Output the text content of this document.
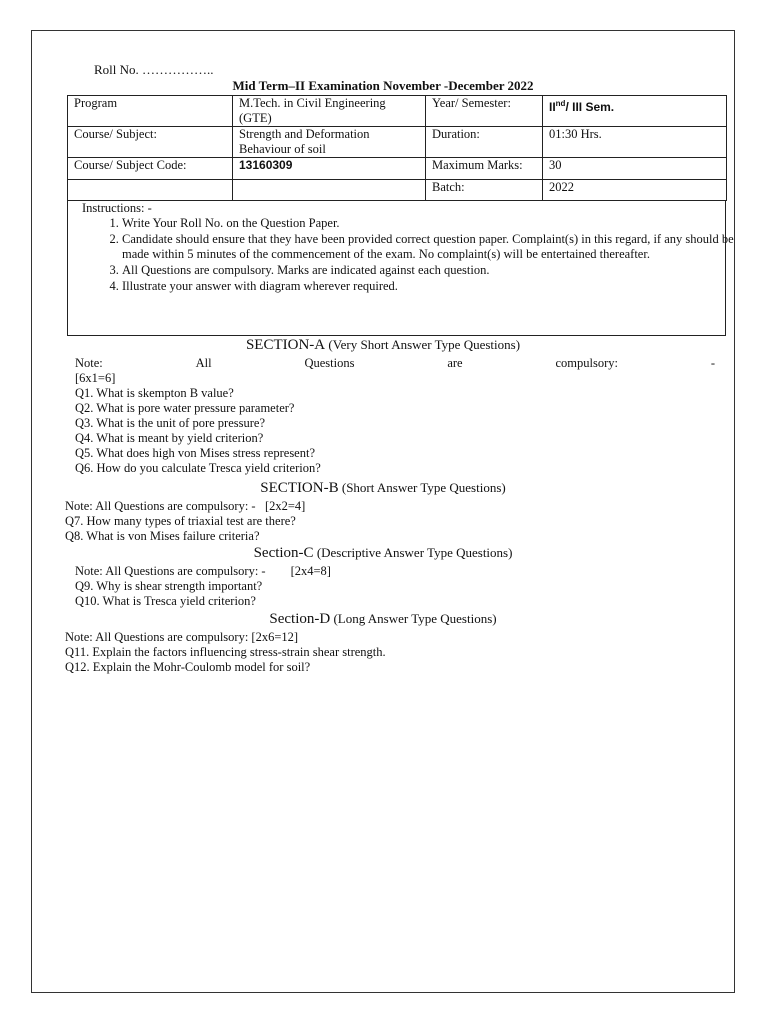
Roll No. ……………..
Mid Term–II Examination November -December 2022
Program	M.Tech. in Civil Engineering (GTE)	Year/ Semester:	IInd/ III Sem.
Course/ Subject:	Strength and Deformation Behaviour of soil	Duration:	01:30 Hrs.
Course/ Subject Code:	13160309	Maximum Marks:	30
		Batch:	2022
Instructions: -
1. Write Your Roll No. on the Question Paper.
2. Candidate should ensure that they have been provided correct question paper. Complaint(s) in this regard, if any should be made within 5 minutes of the commencement of the exam. No complaint(s) will be entertained thereafter.
3. All Questions are compulsory. Marks are indicated against each question.
4. Illustrate your answer with diagram wherever required.
SECTION-A (Very Short Answer Type Questions)
Note:	All	Questions	are	compulsory:	-
[6x1=6]
Q1. What is skempton B value?
Q2. What is pore water pressure parameter?
Q3. What is the unit of pore pressure?
Q4. What is meant by yield criterion?
Q5. What does high von Mises stress represent?
Q6. How do you calculate Tresca yield criterion?
SECTION-B (Short Answer Type Questions)
Note: All Questions are compulsory: -   [2x2=4]
Q7. How many types of triaxial test are there?
Q8. What is von Mises failure criteria?
Section-C (Descriptive Answer Type Questions)
Note: All Questions are compulsory: -        [2x4=8]
Q9. Why is shear strength important?
Q10. What is Tresca yield criterion?
Section-D (Long Answer Type Questions)
Note: All Questions are compulsory: [2x6=12]
Q11. Explain the factors influencing stress-strain shear strength.
Q12. Explain the Mohr-Coulomb model for soil?
